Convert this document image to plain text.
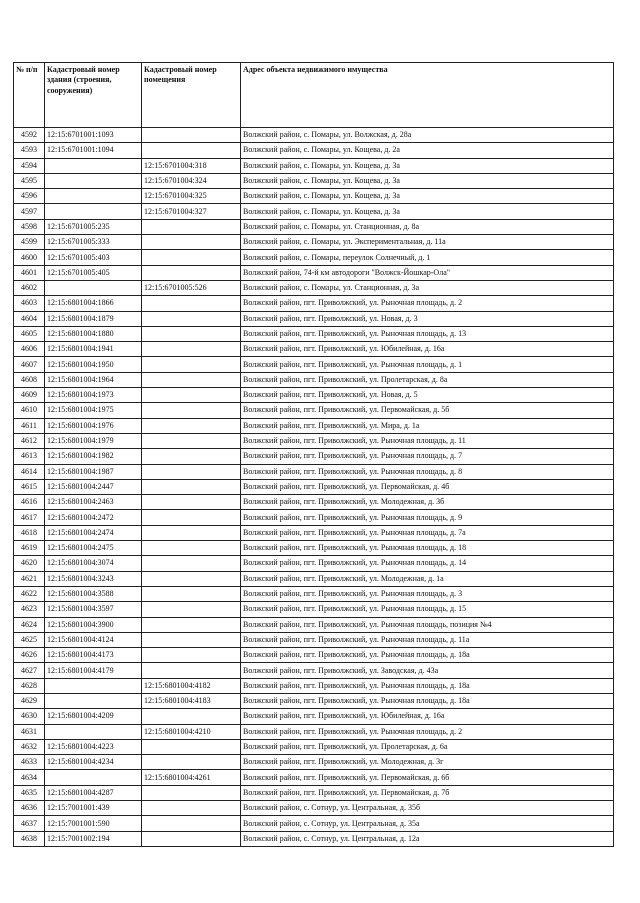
№ п/п	Кадастровый номер здания (строения, сооружения)	Кадастровый номер помещения	Адрес объекта недвижимого имущества
4592	12:15:6701001:1093		Волжский район, с. Помары, ул. Волжская, д. 28а
4593	12:15:6701001:1094		Волжский район, с. Помары, ул. Кощева, д. 2а
4594		12:15:6701004:318	Волжский район, с. Помары, ул. Кощева, д. 3а
4595		12:15:6701004:324	Волжский район, с. Помары, ул. Кощева, д. 3а
4596		12:15:6701004:325	Волжский район, с. Помары, ул. Кощева, д. 3а
4597		12:15:6701004:327	Волжский район, с. Помары, ул. Кощева, д. 3а
4598	12:15:6701005:235		Волжский район, с. Помары, ул. Станционная, д. 8а
4599	12:15:6701005:333		Волжский район, с. Помары, ул. Экспериментальная, д. 11а
4600	12:15:6701005:403		Волжский район, с. Помары, переулок Солнечный, д. 1
4601	12:15:6701005:405		Волжский район, 74-й км автодороги "Волжск-Йошкар-Ола"
4602		12:15:6701005:526	Волжский район, с. Помары, ул. Станционная, д. 3а
4603	12:15:6801004:1866		Волжский район, пгт. Приволжский, ул. Рыночная площадь, д. 2
4604	12:15:6801004:1879		Волжский район, пгт. Приволжский, ул. Новая, д. 3
4605	12:15:6801004:1880		Волжский район, пгт. Приволжский, ул. Рыночная площадь, д. 13
4606	12:15:6801004:1941		Волжский район, пгт. Приволжский, ул. Юбилейная, д. 16а
4607	12:15:6801004:1950		Волжский район, пгт. Приволжский, ул. Рыночная площадь, д. 1
4608	12:15:6801004:1964		Волжский район, пгт. Приволжский, ул. Пролетарская, д. 8а
4609	12:15:6801004:1973		Волжский район, пгт. Приволжский, ул. Новая, д. 5
4610	12:15:6801004:1975		Волжский район, пгт. Приволжский, ул. Первомайская, д. 5б
4611	12:15:6801004:1976		Волжский район, пгт. Приволжский, ул. Мира, д. 1а
4612	12:15:6801004:1979		Волжский район, пгт. Приволжский, ул. Рыночная площадь, д. 11
4613	12:15:6801004:1982		Волжский район, пгт. Приволжский, ул. Рыночная площадь, д. 7
4614	12:15:6801004:1987		Волжский район, пгт. Приволжский, ул. Рыночная площадь, д. 8
4615	12:15:6801004:2447		Волжский район, пгт. Приволжский, ул. Первомайская, д. 4б
4616	12:15:6801004:2463		Волжский район, пгт. Приволжский, ул. Молодежная, д. 3б
4617	12:15:6801004:2472		Волжский район, пгт. Приволжский, ул. Рыночная площадь, д. 9
4618	12:15:6801004:2474		Волжский район, пгт. Приволжский, ул. Рыночная площадь, д. 7а
4619	12:15:6801004:2475		Волжский район, пгт. Приволжский, ул. Рыночная площадь, д. 18
4620	12:15:6801004:3074		Волжский район, пгт. Приволжский, ул. Рыночная площадь, д. 14
4621	12:15:6801004:3243		Волжский район, пгт. Приволжский, ул. Молодежная, д. 1а
4622	12:15:6801004:3588		Волжский район, пгт. Приволжский, ул. Рыночная площадь, д. 3
4623	12:15:6801004:3597		Волжский район, пгт. Приволжский, ул. Рыночная площадь, д. 15
4624	12:15:6801004:3900		Волжский район, пгт. Приволжский, ул. Рыночная площадь, позиция №4
4625	12:15:6801004:4124		Волжский район, пгт. Приволжский, ул. Рыночная площадь, д. 11а
4626	12:15:6801004:4173		Волжский район, пгт. Приволжский, ул. Рыночная площадь, д. 18а
4627	12:15:6801004:4179		Волжский район, пгт. Приволжский, ул. Заводская, д. 43а
4628		12:15:6801004:4182	Волжский район, пгт. Приволжский, ул. Рыночная площадь, д. 18а
4629		12:15:6801004:4183	Волжский район, пгт. Приволжский, ул. Рыночная площадь, д. 18а
4630	12:15:6801004:4209		Волжский район, пгт. Приволжский, ул. Юбилейная, д. 16а
4631		12:15:6801004:4210	Волжский район, пгт. Приволжский, ул. Рыночная площадь, д. 2
4632	12:15:6801004:4223		Волжский район, пгт. Приволжский, ул. Пролетарская, д. 6а
4633	12:15:6801004:4234		Волжский район, пгт. Приволжский, ул. Молодежная, д. 3г
4634		12:15:6801004:4261	Волжский район, пгт. Приволжский, ул. Первомайская, д. 6б
4635	12:15:6801004:4287		Волжский район, пгт. Приволжский, ул. Первомайская, д. 7б
4636	12:15:7001001:439		Волжский район, с. Сотнур, ул. Центральная, д. 35б
4637	12:15:7001001:590		Волжский район, с. Сотнур, ул. Центральная, д. 35а
4638	12:15:7001002:194		Волжский район, с. Сотнур, ул. Центральная, д. 12а
